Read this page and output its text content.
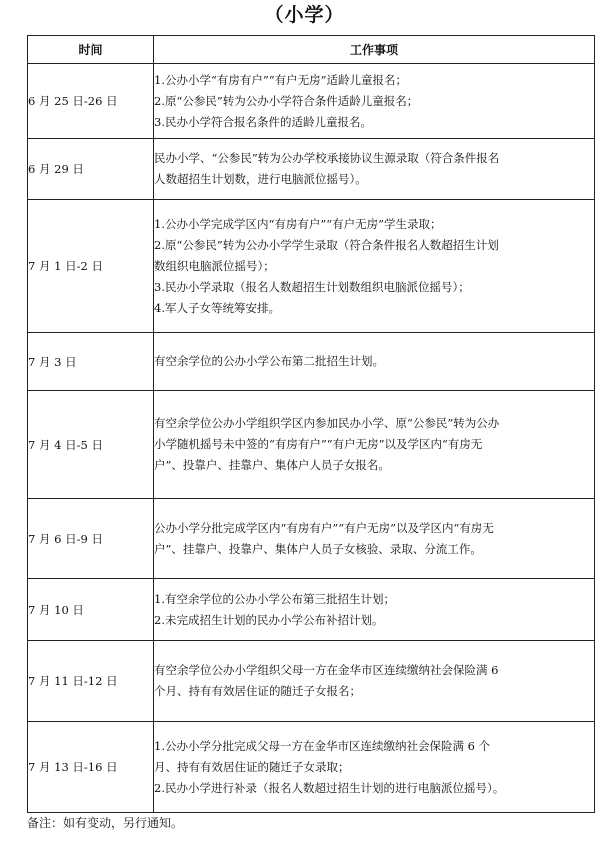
（小学）
时间	工作事项
6 月 25 日-26 日	1.公办小学“有房有户”“有户无房”适龄儿童报名；
2.原“公参民”转为公办小学符合条件适龄儿童报名；
3.民办小学符合报名条件的适龄儿童报名。

6 月 29 日	民办小学、“公参民”转为公办学校承接协议生源录取（符合条件报名
人数超招生计划数，进行电脑派位摇号）。

7 月 1 日-2 日	1.公办小学完成学区内“有房有户”“有户无房”学生录取；
2.原“公参民”转为公办小学学生录取（符合条件报名人数超招生计划
数组织电脑派位摇号）；
3.民办小学录取（报名人数超招生计划数组织电脑派位摇号）；
4.军人子女等统筹安排。

7 月 3 日	有空余学位的公办小学公布第二批招生计划。

7 月 4 日-5 日	有空余学位公办小学组织学区内参加民办小学、原“公参民”转为公办
小学随机摇号未中签的“有房有户”“有户无房”以及学区内“有房无
户”、投靠户、挂靠户、集体户人员子女报名。

7 月 6 日-9 日	公办小学分批完成学区内“有房有户”“有户无房”以及学区内“有房无
户”、挂靠户、投靠户、集体户人员子女核验、录取、分流工作。

7 月 10 日	1.有空余学位的公办小学公布第三批招生计划；
2.未完成招生计划的民办小学公布补招计划。

7 月 11 日-12 日	有空余学位公办小学组织父母一方在金华市区连续缴纳社会保险满 6
个月、持有有效居住证的随迁子女报名；

7 月 13 日-16 日	1.公办小学分批完成父母一方在金华市区连续缴纳社会保险满 6 个
月、持有有效居住证的随迁子女录取；
2.民办小学进行补录（报名人数超过招生计划的进行电脑派位摇号）。
备注：如有变动，另行通知。
